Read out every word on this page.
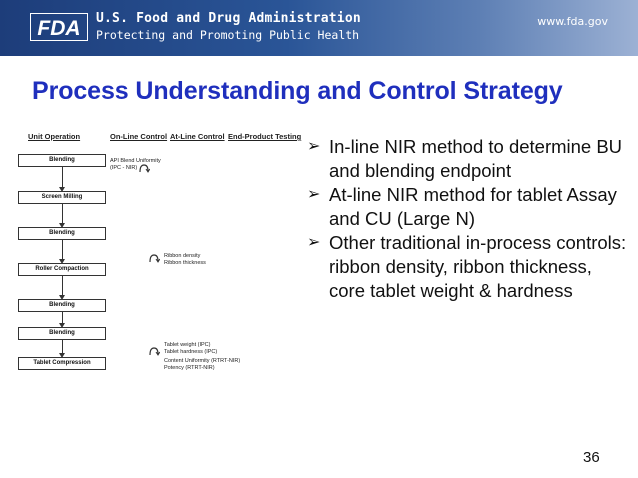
FDA U.S. Food and Drug Administration
Protecting and Promoting Public Health
www.fda.gov
Process Understanding and Control Strategy
Unit Operation	On-Line Control At-Line Control End-Product Testing
Blending
Screen Milling
Blending
Roller Compaction
Blending
Blending
Tablet Compression
API Blend Uniformity
(IPC - NIR)
Ribbon density
Ribbon thickness
Tablet weight (IPC)
Tablet hardness (IPC)
Content Uniformity (RTRT-NIR)
Potency (RTRT-NIR)
➢ In-line NIR method to determine BU and blending endpoint
➢ At-line NIR method for tablet Assay and CU (Large N)
➢ Other traditional in-process controls: ribbon density, ribbon thickness, core tablet weight & hardness
36
